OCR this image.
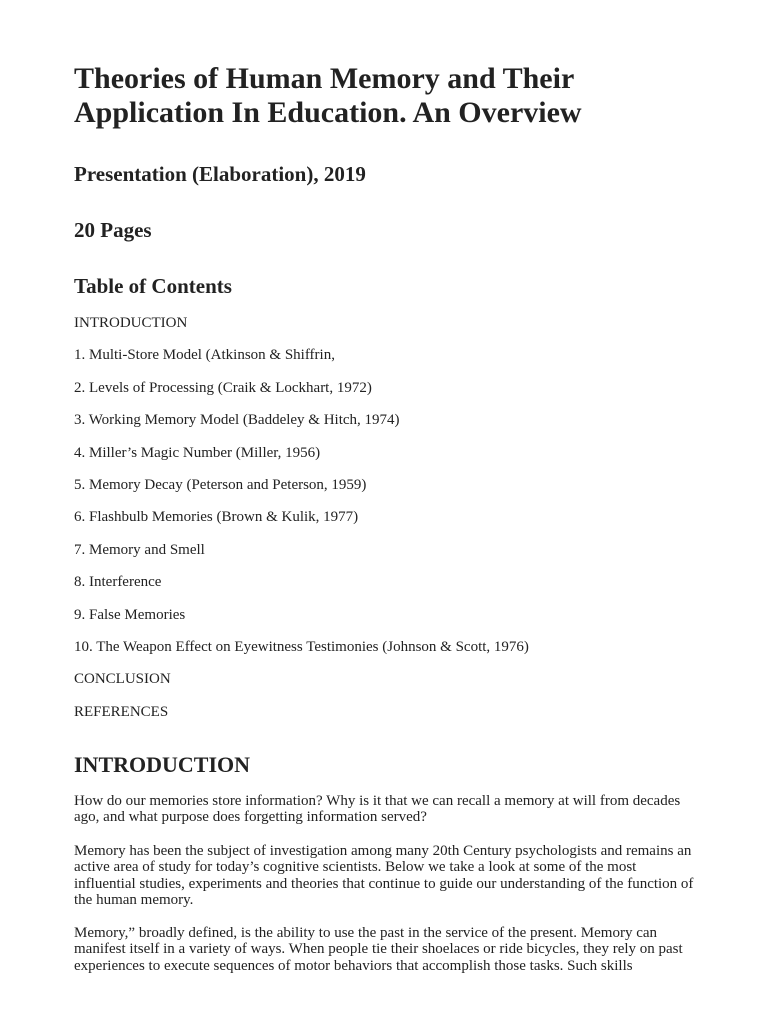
Theories of Human Memory and Their Application In Education. An Overview
Presentation (Elaboration), 2019
20 Pages
Table of Contents
INTRODUCTION
1. Multi-Store Model (Atkinson & Shiffrin,
2. Levels of Processing (Craik & Lockhart, 1972)
3. Working Memory Model (Baddeley & Hitch, 1974)
4. Miller’s Magic Number (Miller, 1956)
5. Memory Decay (Peterson and Peterson, 1959)
6. Flashbulb Memories (Brown & Kulik, 1977)
7. Memory and Smell
8. Interference
9. False Memories
10. The Weapon Effect on Eyewitness Testimonies (Johnson & Scott, 1976)
CONCLUSION
REFERENCES
INTRODUCTION

How do our memories store information? Why is it that we can recall a memory at will from decades ago, and what purpose does forgetting information served?

Memory has been the subject of investigation among many 20th Century psychologists and remains an active area of study for today’s cognitive scientists. Below we take a look at some of the most influential studies, experiments and theories that continue to guide our understanding of the function of the human memory.

Memory,” broadly defined, is the ability to use the past in the service of the present. Memory can manifest itself in a variety of ways. When people tie their shoelaces or ride bicycles, they rely on past experiences to execute sequences of motor behaviors that accomplish those tasks. Such skills
